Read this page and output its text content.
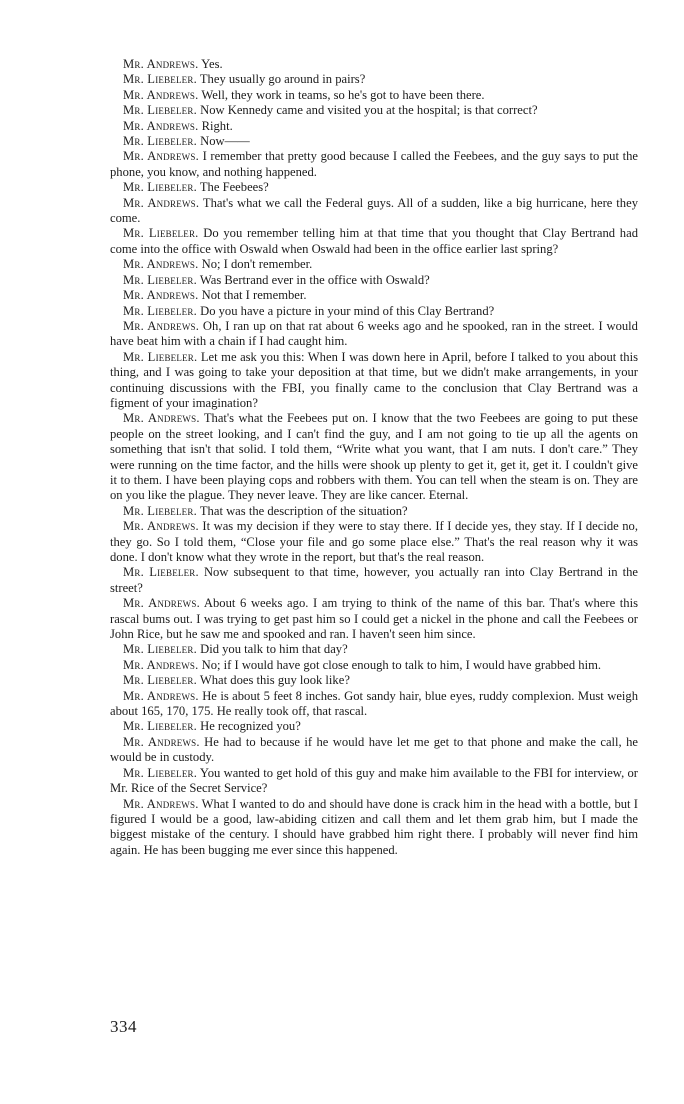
Mr. Andrews. Yes.

Mr. Liebeler. They usually go around in pairs?

Mr. Andrews. Well, they work in teams, so he's got to have been there.

Mr. Liebeler. Now Kennedy came and visited you at the hospital; is that correct?

Mr. Andrews. Right.

Mr. Liebeler. Now——

Mr. Andrews. I remember that pretty good because I called the Feebees, and the guy says to put the phone, you know, and nothing happened.

Mr. Liebeler. The Feebees?

Mr. Andrews. That's what we call the Federal guys. All of a sudden, like a big hurricane, here they come.

Mr. Liebeler. Do you remember telling him at that time that you thought that Clay Bertrand had come into the office with Oswald when Oswald had been in the office earlier last spring?

Mr. Andrews. No; I don't remember.

Mr. Liebeler. Was Bertrand ever in the office with Oswald?

Mr. Andrews. Not that I remember.

Mr. Liebeler. Do you have a picture in your mind of this Clay Bertrand?

Mr. Andrews. Oh, I ran up on that rat about 6 weeks ago and he spooked, ran in the street. I would have beat him with a chain if I had caught him.

Mr. Liebeler. Let me ask you this: When I was down here in April, before I talked to you about this thing, and I was going to take your deposition at that time, but we didn't make arrangements, in your continuing discussions with the FBI, you finally came to the conclusion that Clay Bertrand was a figment of your imagination?

Mr. Andrews. That's what the Feebees put on. I know that the two Feebees are going to put these people on the street looking, and I can't find the guy, and I am not going to tie up all the agents on something that isn't that solid. I told them, “Write what you want, that I am nuts. I don't care.” They were running on the time factor, and the hills were shook up plenty to get it, get it, get it. I couldn't give it to them. I have been playing cops and robbers with them. You can tell when the steam is on. They are on you like the plague. They never leave. They are like cancer. Eternal.

Mr. Liebeler. That was the description of the situation?

Mr. Andrews. It was my decision if they were to stay there. If I decide yes, they stay. If I decide no, they go. So I told them, “Close your file and go some place else.” That's the real reason why it was done. I don't know what they wrote in the report, but that's the real reason.

Mr. Liebeler. Now subsequent to that time, however, you actually ran into Clay Bertrand in the street?

Mr. Andrews. About 6 weeks ago. I am trying to think of the name of this bar. That's where this rascal bums out. I was trying to get past him so I could get a nickel in the phone and call the Feebees or John Rice, but he saw me and spooked and ran. I haven't seen him since.

Mr. Liebeler. Did you talk to him that day?

Mr. Andrews. No; if I would have got close enough to talk to him, I would have grabbed him.

Mr. Liebeler. What does this guy look like?

Mr. Andrews. He is about 5 feet 8 inches. Got sandy hair, blue eyes, ruddy complexion. Must weigh about 165, 170, 175. He really took off, that rascal.

Mr. Liebeler. He recognized you?

Mr. Andrews. He had to because if he would have let me get to that phone and make the call, he would be in custody.

Mr. Liebeler. You wanted to get hold of this guy and make him available to the FBI for interview, or Mr. Rice of the Secret Service?

Mr. Andrews. What I wanted to do and should have done is crack him in the head with a bottle, but I figured I would be a good, law-abiding citizen and call them and let them grab him, but I made the biggest mistake of the century. I should have grabbed him right there. I probably will never find him again. He has been bugging me ever since this happened.

334
